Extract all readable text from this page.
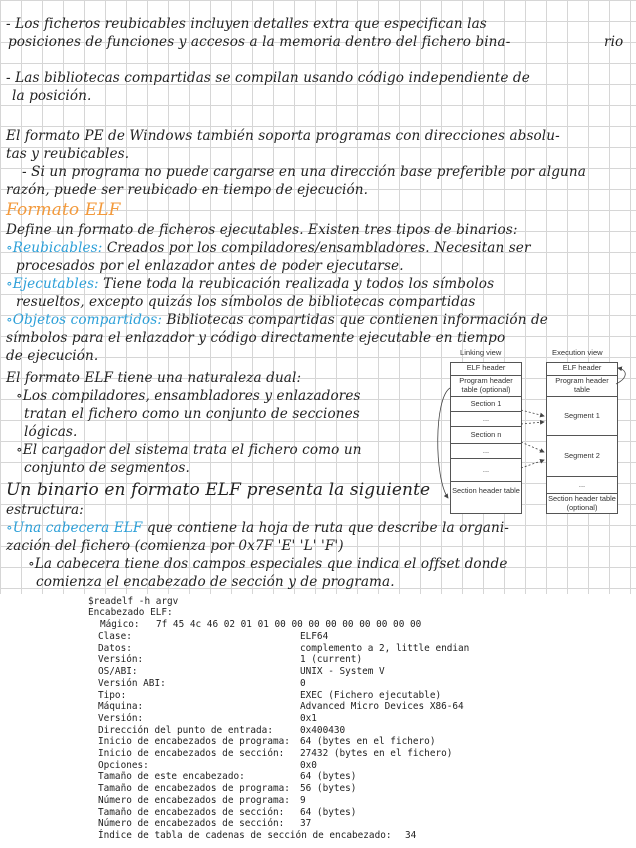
- Los ficheros reubicables incluyen detalles extra que especifican las
posiciones de funciones y accesos a la memoria dentro del fichero bina-	rio
- Las bibliotecas compartidas se compilan usando código independiente de
la posición.
El formato PE de Windows también soporta programas con direcciones absolu-
tas y reubicables.
- Si un programa no puede cargarse en una dirección base preferible por alguna
razón, puede ser reubicado en tiempo de ejecución.
Formato ELF
Define un formato de ficheros ejecutables. Existen tres tipos de binarios:
∘Reubicables: Creados por los compiladores/ensambladores. Necesitan ser
procesados por el enlazador antes de poder ejecutarse.
∘Ejecutables: Tiene toda la reubicación realizada y todos los símbolos
resueltos, excepto quizás los símbolos de bibliotecas compartidas
∘Objetos compartidos: Bibliotecas compartidas que contienen información de
símbolos para el enlazador y código directamente ejecutable en tiempo
de ejecución.
El formato ELF tiene una naturaleza dual:
∘Los compiladores, ensambladores y enlazadores
tratan el fichero como un conjunto de secciones
lógicas.
∘El cargador del sistema trata el fichero como un
conjunto de segmentos.
Un binario en formato ELF presenta la siguiente
estructura:
∘Una cabecera ELF que contiene la hoja de ruta que describe la organi-
zación del fichero (comienza por 0x7F 'E' 'L' 'F')
∘La cabecera tiene dos campos especiales que indica el offset donde
comienza el encabezado de sección y de programa.
Linking view	Execution view
ELF header
Program header table (optional)
Section 1
...
Section n
...
...
Section header table
ELF header
Program header table
Segment 1
Segment 2
...
Section header table (optional)
$readelf -h argv
Encabezado ELF:
Mágico: 7f 45 4c 46 02 01 01 00 00 00 00 00 00 00 00 00
Clase:	ELF64
Datos:	complemento a 2, little endian
Versión:	1 (current)
OS/ABI:	UNIX - System V
Versión ABI:	0
Tipo:	EXEC (Fichero ejecutable)
Máquina:	Advanced Micro Devices X86-64
Versión:	0x1
Dirección del punto de entrada:	0x400430
Inicio de encabezados de programa: 64 (bytes en el fichero)
Inicio de encabezados de sección: 27432 (bytes en el fichero)
Opciones:	0x0
Tamaño de este encabezado:	64 (bytes)
Tamaño de encabezados de programa: 56 (bytes)
Número de encabezados de programa: 9
Tamaño de encabezados de sección: 64 (bytes)
Número de encabezados de sección: 37
Índice de tabla de cadenas de sección de encabezado: 34
